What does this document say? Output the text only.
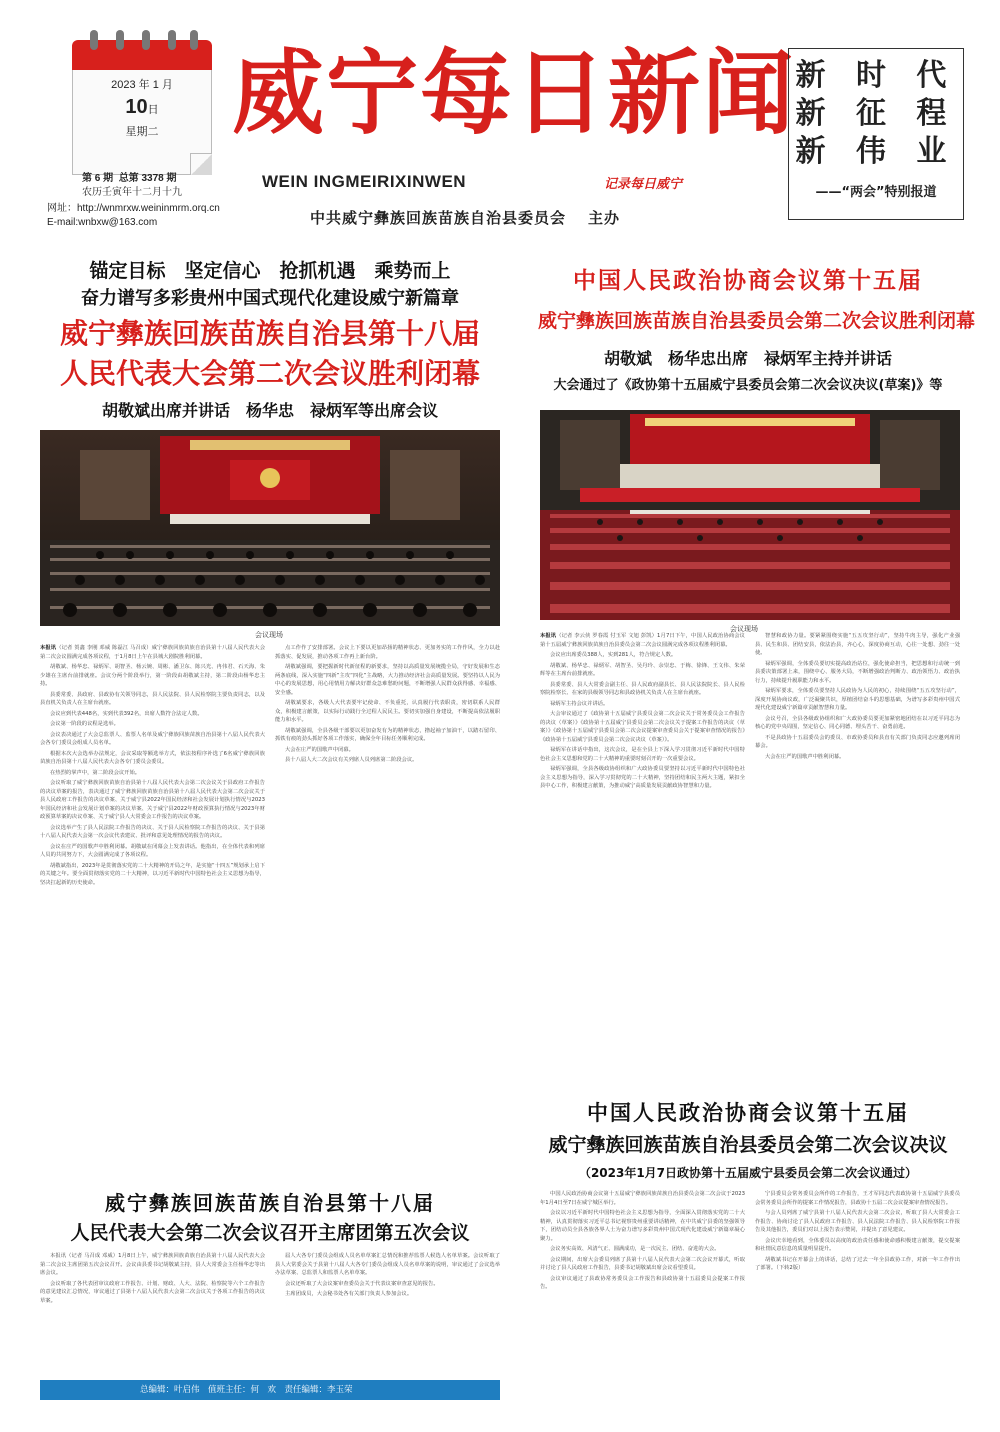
2023 年 1 月
10日
星期二
第 6 期 总第 3378 期
农历壬寅年十二月十九
网址：http://wnmrxw.weininmrm.orq.cn
E-mail:wnbxw@163.com
威宁每日新闻
WEIN INGMEIRIXINWEN	记录每日威宁
中共威宁彝族回族苗族自治县委员会 主办
新 时 代
新 征 程
新 伟 业
——“两会”特别报道
锚定目标　坚定信心　抢抓机遇　乘势而上
奋力谱写多彩贵州中国式现代化建设威宁新篇章
威宁彝族回族苗族自治县第十八届
人民代表大会第二次会议胜利闭幕
胡敬斌出席并讲话　杨华忠　禄炳军等出席会议
会议现场

本报讯（记者 贺鑫 李刚 邓威 陈磊江 马召成）威宁彝族回族苗族自治县第十八届人民代表大会第二次会议圆满完成各项议程，于1月8日上午在县城大剧院胜利闭幕。

胡敬斌、杨华忠、禄炳军、胡智圣、杨云婉、周彬、潘卫东、陈兴光、冉伟君、石天海、朱少雄在主席台前排就座。会议分两个阶段举行，第一阶段由胡敬斌主持，第二阶段由杨华忠主持。

县委常委、县政府、县政协有关领导同志，县人民法院、县人民检察院主要负责同志，以及县直机关负责人在主席台就座。

会议应到代表448名，实到代表392名，出席人数符合法定人数。

会议第一阶段的议程是选举。

会议表决通过了大会总监票人、监票人名单及威宁彝族回族苗族自治县第十八届人民代表大会各专门委员会组成人员名单。

根据本次大会选举办法规定，会议采取等额选举方式，依法按程序补选了6名威宁彝族回族苗族自治县第十八届人民代表大会各专门委员会委员。

在热烈的掌声中，第二阶段会议开始。

会议听取了威宁彝族回族苗族自治县第十八届人民代表大会第二次会议关于县政府工作报告的决议草案的报告，表决通过了威宁彝族回族苗族自治县第十八届人民代表大会第二次会议关于县人民政府工作报告的决议草案、关于威宁县2022年国民经济和社会发展计划执行情况与2023年国民经济和社会发展计划草案的决议草案、关于威宁县2022年财政预算执行情况与2023年财政预算草案的决议草案、关于威宁县人大常委会工作报告的决议草案。

会议选举产生了县人民法院工作报告的决议、关于县人民检察院工作报告的决议、关于县第十八届人民代表大会第一次会议代表建议、批评和意见处理情况的报告的决议。

会议在庄严的国歌声中胜利闭幕。胡敬斌在闭幕会上发表讲话。他指出，在全体代表和列席人员的共同努力下，大会圆满完成了各项议程。

胡敬斌指出，2023年是贯彻落实党的二十大精神的开局之年，是实施“十四五”规划承上启下的关键之年。要全面贯彻落实党的二十大精神，以习近平新时代中国特色社会主义思想为指导，坚决扛起新的历史使命。

点工作作了安排部署。会议上下要以更加昂扬的精神状态、更加务实的工作作风，全力以赴抓落实、促发展，推动各项工作再上新台阶。

胡敬斌强调，要把握新时代新征程的新要求，坚持以高质量发展统揽全局，守好发展和生态两条底线，深入实施“四新”主攻“四化”主战略，大力推动经济社会高质量发展。要坚持以人民为中心的发展思想，用心用情用力解决好群众急难愁盼问题，不断增强人民群众获得感、幸福感、安全感。

胡敬斌要求，各级人大代表要牢记使命、不负重托，认真履行代表职责，密切联系人民群众，积极建言献策，以实际行动践行全过程人民民主。要切实加强自身建设，不断提高依法履职能力和水平。

胡敬斌强调，全县各级干部要以更加奋发有为的精神状态，撸起袖子加油干，以踏石留印、抓铁有痕的劲头抓好各项工作落实，确保全年目标任务顺利完成。

大会在庄严的国歌声中闭幕。

县十八届人大二次会议有关列席人员列席第二阶段会议。

中国人民政治协商会议第十五届
威宁彝族回族苗族自治县委员会第二次会议胜利闭幕
胡敬斌　杨华忠出席　禄炳军主持并讲话
大会通过了《政协第十五届威宁县委员会第二次会议决议(草案)》等
会议现场

本报讯（记者 李云侠 罗春霞 付玉军 文旭 彭凯）1月7日下午，中国人民政治协商会议第十五届威宁彝族回族苗族自治县委员会第二次会议圆满完成各项议程胜利闭幕。

会议应出席委员388人，实到281人，符合规定人数。

胡敬斌、杨华忠、禄炳军、胡智圣、吴丹玲、余崇忠、于梅、徐锋、王文伟、朱荣辉等在主席台前排就座。

县委常委、县人大常委会副主任、县人民政府副县长、县人民法院院长、县人民检察院检察长、在家的县级领导同志和县政协机关负责人在主席台就座。

禄炳军主持会议并讲话。

大会审议通过了《政协第十五届威宁县委员会第二次会议关于常务委员会工作报告的决议（草案）》《政协第十五届威宁县委员会第二次会议关于提案工作报告的决议（草案）》《政协第十五届威宁县委员会第二次会议提案审查委员会关于提案审查情况的报告》《政协第十五届威宁县委员会第二次会议决议（草案）》。

禄炳军在讲话中指出，这次会议，是在全县上下深入学习贯彻习近平新时代中国特色社会主义思想和党的二十大精神的重要时刻召开的一次重要会议。

禄炳军强调，全县各级政协组织和广大政协委员要坚持以习近平新时代中国特色社会主义思想为指导，深入学习贯彻党的二十大精神，坚持团结和民主两大主题，紧扣全县中心工作，积极建言献策，为推动威宁高质量发展贡献政协智慧和力量。

智慧和政协力量。要紧紧围绕实施“五五攻坚行动”，坚持牛肉主导，强化产业强县、民生和县、团结安县，依法治县，齐心心，深度协商互动，心往一处想、劲往一处使。

禄炳军强调，全体委员要切实提高政治站位，强化使命担当，把思想和行动统一到县委决策部署上来，围绕中心、服务大局，不断增强政治判断力、政治领悟力、政治执行力，持续提升履职能力和水平。

禄炳军要求，全体委员要坚持人民政协为人民的初心，持续围绕“五五攻坚行动”，深度开展协商议政，广泛凝聚共识，厚植团结奋斗的思想基础，为谱写多彩贵州中国式现代化建设威宁新篇章贡献智慧和力量。

会议号召，全县各级政协组织和广大政协委员要更加紧密地团结在以习近平同志为核心的党中央周围，坚定信心、同心同德、埋头苦干、奋勇前进。

不是县政协十五届委员会的委员、市政协委员和县直有关部门负责同志应邀列席闭幕会。

大会在庄严的国歌声中胜利闭幕。

中国人民政治协商会议第十五届
威宁彝族回族苗族自治县委员会第二次会议决议
（2023年1月7日政协第十五届威宁县委员会第二次会议通过）

中国人民政治协商会议第十五届威宁彝族回族苗族自治县委员会第二次会议于2023年1月4日至7日在威宁城区举行。

会议以习近平新时代中国特色社会主义思想为指导，全面深入贯彻落实党的二十大精神，认真贯彻落实习近平总书记视察贵州重要讲话精神，在中共威宁县委的坚强领导下，团结动员全县各族各界人士为奋力谱写多彩贵州中国式现代化建设威宁新篇章凝心聚力。

会议务实高效、风清气正、圆满成功，是一次民主、团结、奋进的大会。

会议期间，出席大会委员列席了县第十八届人民代表大会第二次会议开幕式，听取并讨论了县人民政府工作报告，县委书记胡敬斌出席会议看望委员。

会议审议通过了县政协常务委员会工作报告和县政协第十五届委员会提案工作报告。

宁县委员会常务委员会所作的工作报告，王才军同志代表政协第十五届威宁县委员会常务委员会所作的提案工作情况报告，县政协十五届二次会议提案审查情况报告。

与会人员列席了威宁县第十八届人民代表大会第二次会议，听取了县人大常委会工作报告、协商讨论了县人民政府工作报告、县人民法院工作报告、县人民检察院工作报告及其他报告，委员们对以上报告表示赞同，并提出了意见建议。

会议庆幸地看到，全体委员以高度的政治责任感和使命感积极建言献策，提交提案和社情民意信息的质量明显提升。

胡敬斌书记在开幕会上的讲话，总结了过去一年全县政协工作，对新一年工作作出了部署。（下转2版）

威宁彝族回族苗族自治县第十八届
人民代表大会第二次会议召开主席团第五次会议

本报讯（记者 马召成 邓威）1月8日上午，威宁彝族回族苗族自治县第十八届人民代表大会第二次会议主席团第五次会议召开。会议由县委书记胡敬斌主持，县人大常委会主任杨华忠等出席会议。

会议听取了各代表团审议政府工作报告、计划、财政、人大、法院、检察院等六个工作报告的意见建议汇总情况，审议通过了县第十八届人民代表大会第二次会议关于各项工作报告的决议草案。

届人大各专门委员会组成人员名单草案汇总情况和推荐监票人候选人名单草案。会议听取了县人大常委会关于县第十八届人大各专门委员会组成人员名单草案的说明，审议通过了会议选举办法草案、总监票人和监票人名单草案。

会议还听取了大会议案审查委员会关于代表议案审查意见的报告。

主席团成员，大会秘书处各有关部门负责人参加会议。

总编辑：叶启伟　值班主任：何　欢　责任编辑：李玉荣
